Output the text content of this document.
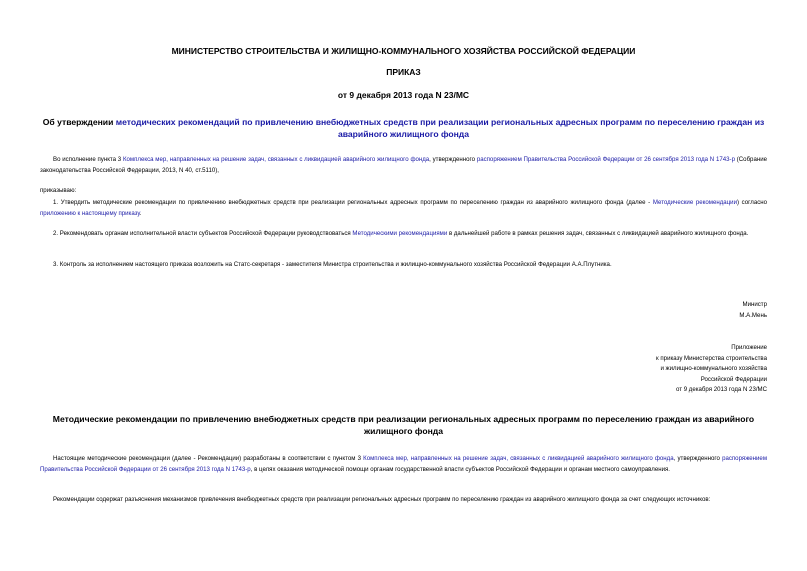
МИНИСТЕРСТВО СТРОИТЕЛЬСТВА И ЖИЛИЩНО-КОММУНАЛЬНОГО ХОЗЯЙСТВА РОССИЙСКОЙ ФЕДЕРАЦИИ
ПРИКАЗ
от 9 декабря 2013 года N 23/МС
Об утверждении методических рекомендаций по привлечению внебюджетных средств при реализации региональных адресных программ по переселению граждан из аварийного жилищного фонда
Во исполнение пункта 3 Комплекса мер, направленных на решение задач, связанных с ликвидацией аварийного жилищного фонда, утвержденного распоряжением Правительства Российской Федерации от 26 сентября 2013 года N 1743-р (Собрание законодательства Российской Федерации, 2013, N 40, ст.5110),
приказываю:
1. Утвердить методические рекомендации по привлечению внебюджетных средств при реализации региональных адресных программ по переселению граждан из аварийного жилищного фонда (далее - Методические рекомендации) согласно приложению к настоящему приказу.
2. Рекомендовать органам исполнительной власти субъектов Российской Федерации руководствоваться Методическими рекомендациями в дальнейшей работе в рамках решения задач, связанных с ликвидацией аварийного жилищного фонда.
3. Контроль за исполнением настоящего приказа возложить на Статс-секретаря - заместителя Министра строительства и жилищно-коммунального хозяйства Российской Федерации А.А.Плутника.
Министр
М.А.Мень
Приложение
к приказу Министерства строительства
и жилищно-коммунального хозяйства
Российской Федерации
от 9 декабря 2013 года N 23/МС
Методические рекомендации по привлечению внебюджетных средств при реализации региональных адресных программ по переселению граждан из аварийного жилищного фонда
Настоящие методические рекомендации (далее - Рекомендации) разработаны в соответствии с пунктом 3 Комплекса мер, направленных на решение задач, связанных с ликвидацией аварийного жилищного фонда, утвержденного распоряжением Правительства Российской Федерации от 26 сентября 2013 года N 1743-р, в целях оказания методической помощи органам государственной власти субъектов Российской Федерации и органам местного самоуправления.
Рекомендации содержат разъяснения механизмов привлечения внебюджетных средств при реализации региональных адресных программ по переселению граждан из аварийного жилищного фонда за счет следующих источников:
